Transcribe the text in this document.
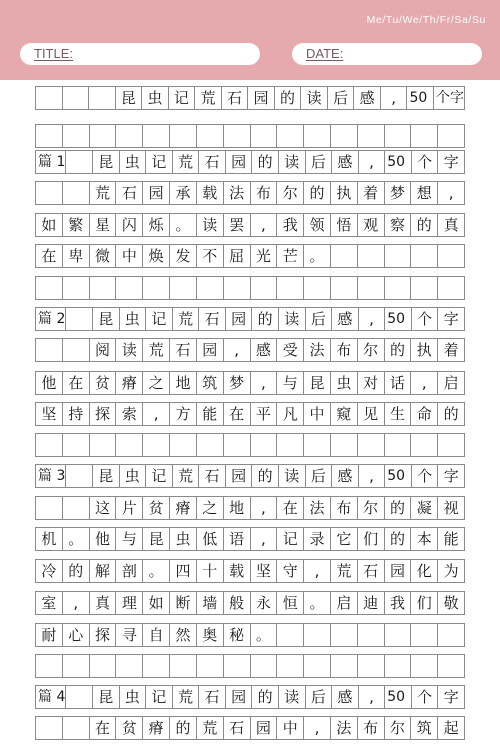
Me/Tu/We/Th/Fr/Sa/Su
TITLE:	DATE:
昆 虫 记 荒 石 园 的 读 后 感	, 50 个字
篇 1	昆 虫 记 荒 石 园 的 读 后 感	, 50 个 字
荒 石 园 承 载 法 布 尔 的 执 着 梦 想	,
如 繁 星 闪 烁 。 读 罢	,	我 领 悟 观 察 的 真
在 卑 微 中 焕 发 不 屈 光 芒 。
篇 2	昆 虫 记 荒 石 园 的 读 后 感	, 50 个 字
阅 读 荒 石 园	,	感 受 法 布 尔 的 执 着
他 在 贫 瘠 之 地 筑 梦	,	与 昆 虫 对 话	,	启
坚 持 探 索	,	方 能 在 平 凡 中 窥 见 生 命 的
篇 3	昆 虫 记 荒 石 园 的 读 后 感	, 50 个 字
这 片 贫 瘠 之 地	,	在 法 布 尔 的 凝 视
机 。 他 与 昆 虫 低 语	,	记 录 它 们 的 本 能
冷 的 解 剖 。 四 十 载 坚 守	,	荒 石 园 化 为
室	,	真 理 如 断 墙 般 永 恒 。 启 迪 我 们 敬
耐 心 探 寻 自 然 奥 秘 。
篇 4	昆 虫 记 荒 石 园 的 读 后 感	, 50 个 字
在 贫 瘠 的 荒 石 园 中	,	法 布 尔 筑 起
